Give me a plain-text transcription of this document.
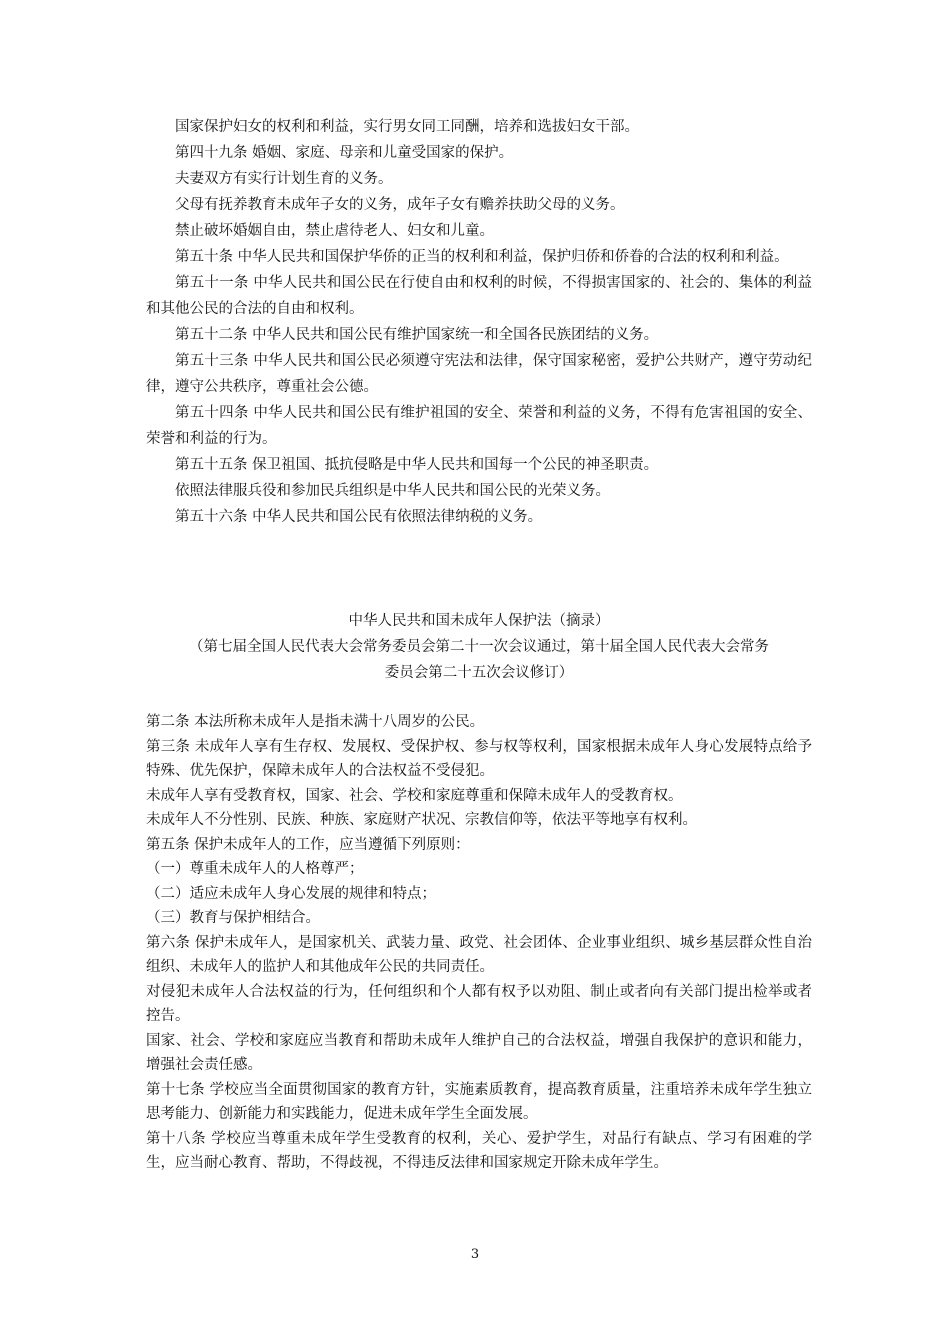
国家保护妇女的权利和利益，实行男女同工同酬，培养和选拔妇女干部。

第四十九条 婚姻、家庭、母亲和儿童受国家的保护。

夫妻双方有实行计划生育的义务。

父母有抚养教育未成年子女的义务，成年子女有赡养扶助父母的义务。

禁止破坏婚姻自由，禁止虐待老人、妇女和儿童。

第五十条 中华人民共和国保护华侨的正当的权利和利益，保护归侨和侨眷的合法的权利和利益。

第五十一条 中华人民共和国公民在行使自由和权利的时候，不得损害国家的、社会的、集体的利益和其他公民的合法的自由和权利。

第五十二条 中华人民共和国公民有维护国家统一和全国各民族团结的义务。

第五十三条 中华人民共和国公民必须遵守宪法和法律，保守国家秘密，爱护公共财产，遵守劳动纪律，遵守公共秩序，尊重社会公德。

第五十四条 中华人民共和国公民有维护祖国的安全、荣誉和利益的义务，不得有危害祖国的安全、荣誉和利益的行为。

第五十五条 保卫祖国、抵抗侵略是中华人民共和国每一个公民的神圣职责。

依照法律服兵役和参加民兵组织是中华人民共和国公民的光荣义务。

第五十六条 中华人民共和国公民有依照法律纳税的义务。

中华人民共和国未成年人保护法（摘录）
（第七届全国人民代表大会常务委员会第二十一次会议通过，第十届全国人民代表大会常务
委员会第二十五次会议修订）

第二条 本法所称未成年人是指未满十八周岁的公民。

第三条 未成年人享有生存权、发展权、受保护权、参与权等权利，国家根据未成年人身心发展特点给予特殊、优先保护，保障未成年人的合法权益不受侵犯。

未成年人享有受教育权，国家、社会、学校和家庭尊重和保障未成年人的受教育权。

未成年人不分性别、民族、种族、家庭财产状况、宗教信仰等，依法平等地享有权利。

第五条 保护未成年人的工作，应当遵循下列原则：

（一）尊重未成年人的人格尊严；

（二）适应未成年人身心发展的规律和特点；

（三）教育与保护相结合。

第六条 保护未成年人，是国家机关、武装力量、政党、社会团体、企业事业组织、城乡基层群众性自治组织、未成年人的监护人和其他成年公民的共同责任。

对侵犯未成年人合法权益的行为，任何组织和个人都有权予以劝阻、制止或者向有关部门提出检举或者控告。

国家、社会、学校和家庭应当教育和帮助未成年人维护自己的合法权益，增强自我保护的意识和能力，增强社会责任感。

第十七条 学校应当全面贯彻国家的教育方针，实施素质教育，提高教育质量，注重培养未成年学生独立思考能力、创新能力和实践能力，促进未成年学生全面发展。

第十八条 学校应当尊重未成年学生受教育的权利，关心、爱护学生，对品行有缺点、学习有困难的学生，应当耐心教育、帮助，不得歧视，不得违反法律和国家规定开除未成年学生。

3
